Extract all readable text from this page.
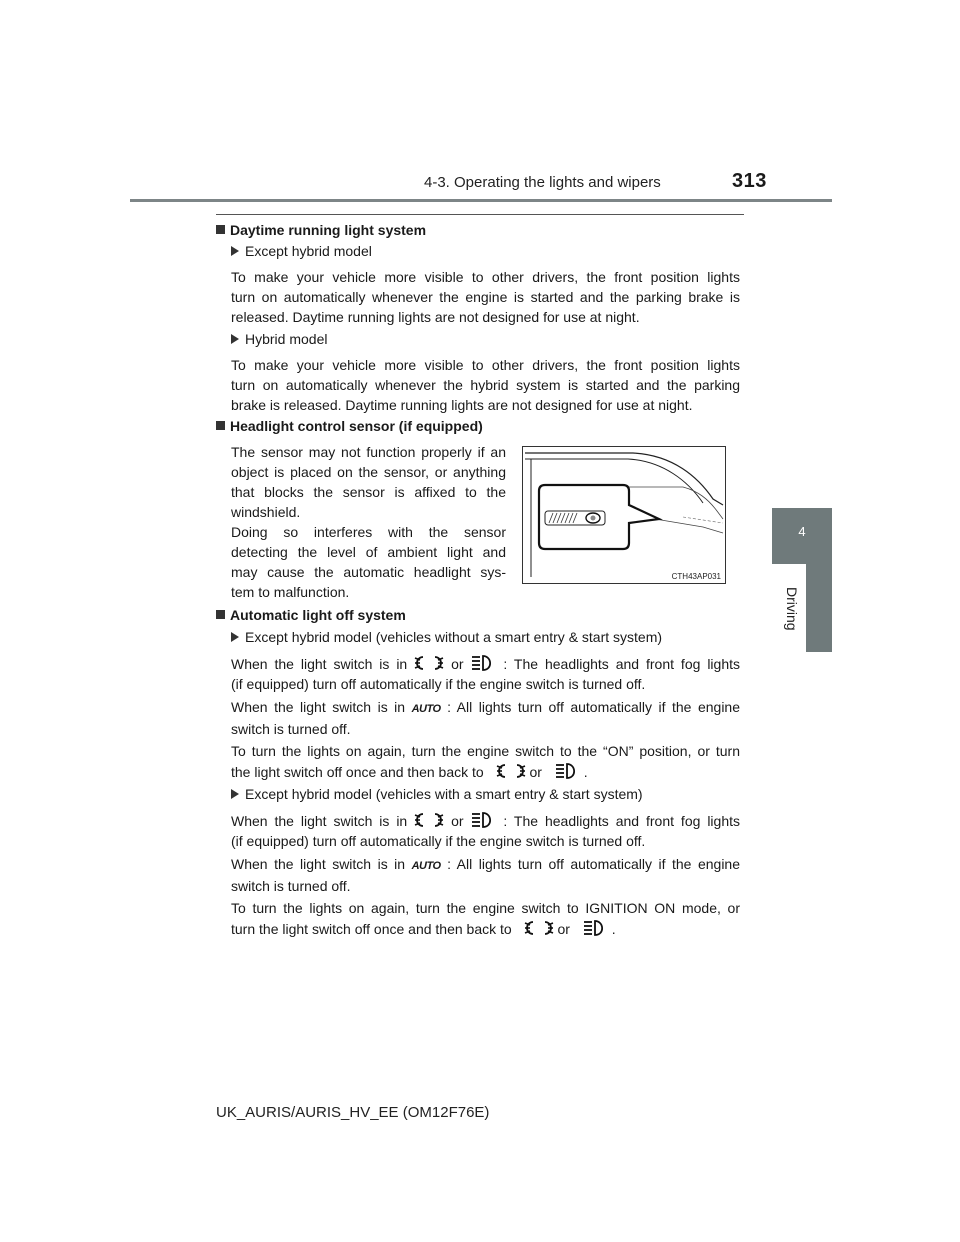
4-3. Operating the lights and wipers	313
4
Driving
Daytime running light system
Except hybrid model
To make your vehicle more visible to other drivers, the front position lights
turn on automatically whenever the engine is started and the parking brake is
released. Daytime running lights are not designed for use at night.
Hybrid model
To make your vehicle more visible to other drivers, the front position lights
turn on automatically whenever the hybrid system is started and the parking
brake is released. Daytime running lights are not designed for use at night.
Headlight control sensor (if equipped)
The sensor may not function properly if an
object is placed on the sensor, or anything
that blocks the sensor is affixed to the
windshield.
Doing so interferes with the sensor
detecting the level of ambient light and
may cause the automatic headlight sys-
tem to malfunction.
CTH43AP031
Automatic light off system
Except hybrid model (vehicles without a smart entry & start system)
When the light switch is in	or	: The headlights and front fog lights
(if equipped) turn off automatically if the engine switch is turned off.
When the light switch is in AUTO : All lights turn off automatically if the engine
switch is turned off.
To turn the lights on again, turn the engine switch to the “ON” position, or turn
the light switch off once and then back to	or	.
Except hybrid model (vehicles with a smart entry & start system)
When the light switch is in	or	: The headlights and front fog lights
(if equipped) turn off automatically if the engine switch is turned off.
When the light switch is in AUTO : All lights turn off automatically if the engine
switch is turned off.
To turn the lights on again, turn the engine switch to IGNITION ON mode, or
turn the light switch off once and then back to	or	.
UK_AURIS/AURIS_HV_EE (OM12F76E)
